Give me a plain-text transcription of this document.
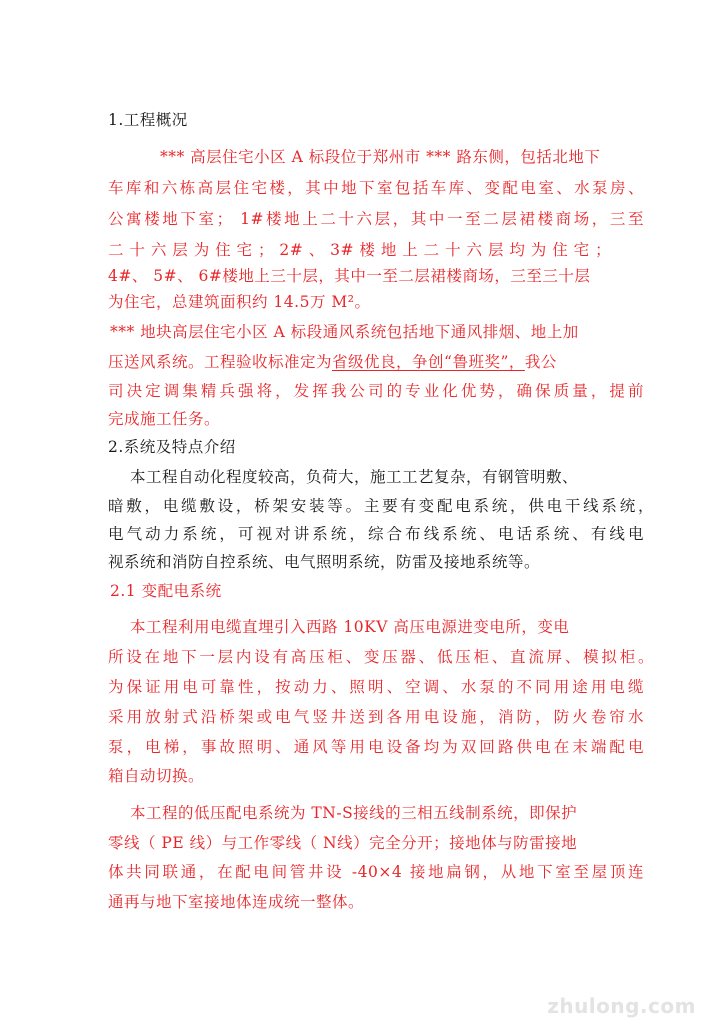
1.工程概况
*** 高层住宅小区 A 标段位于郑州市 *** 路东侧，包括北地下
车库和六栋高层住宅楼，其中地下室包括车库、变配电室、水泵房、
公寓楼地下室； 1#楼地上二十六层，其中一至二层裙楼商场，三至
二 十 六 层 为 住 宅 ； 2# 、 3# 楼 地 上 二 十 六 层 均 为 住 宅 ；
4#、 5#、 6#楼地上三十层，其中一至二层裙楼商场，三至三十层
为住宅，总建筑面积约 14.5万 M²。
*** 地块高层住宅小区 A 标段通风系统包括地下通风排烟、地上加
压送风系统。工程验收标准定为省级优良，争创“鲁班奖”，我公
司决定调集精兵强将，发挥我公司的专业化优势，确保质量，提前
完成施工任务。
2.系统及特点介绍
本工程自动化程度较高，负荷大，施工工艺复杂，有钢管明敷、
暗敷，电缆敷设，桥架安装等。主要有变配电系统，供电干线系统，
电气动力系统，可视对讲系统，综合布线系统、电话系统、有线电
视系统和消防自控系统、电气照明系统，防雷及接地系统等。
2.1 变配电系统
本工程利用电缆直埋引入西路 10KV 高压电源进变电所，变电
所设在地下一层内设有高压柜、变压器、低压柜、直流屏、模拟柜。
为保证用电可靠性，按动力、照明、空调、水泵的不同用途用电缆
采用放射式沿桥架或电气竖井送到各用电设施，消防，防火卷帘水
泵，电梯，事故照明、通风等用电设备均为双回路供电在末端配电
箱自动切换。
本工程的低压配电系统为 TN-S接线的三相五线制系统，即保护
零线（ PE 线）与工作零线（ N线）完全分开；接地体与防雷接地
体共同联通，在配电间管井设 -40×4 接地扁钢，从地下室至屋顶连
通再与地下室接地体连成统一整体。
zhulong.com
